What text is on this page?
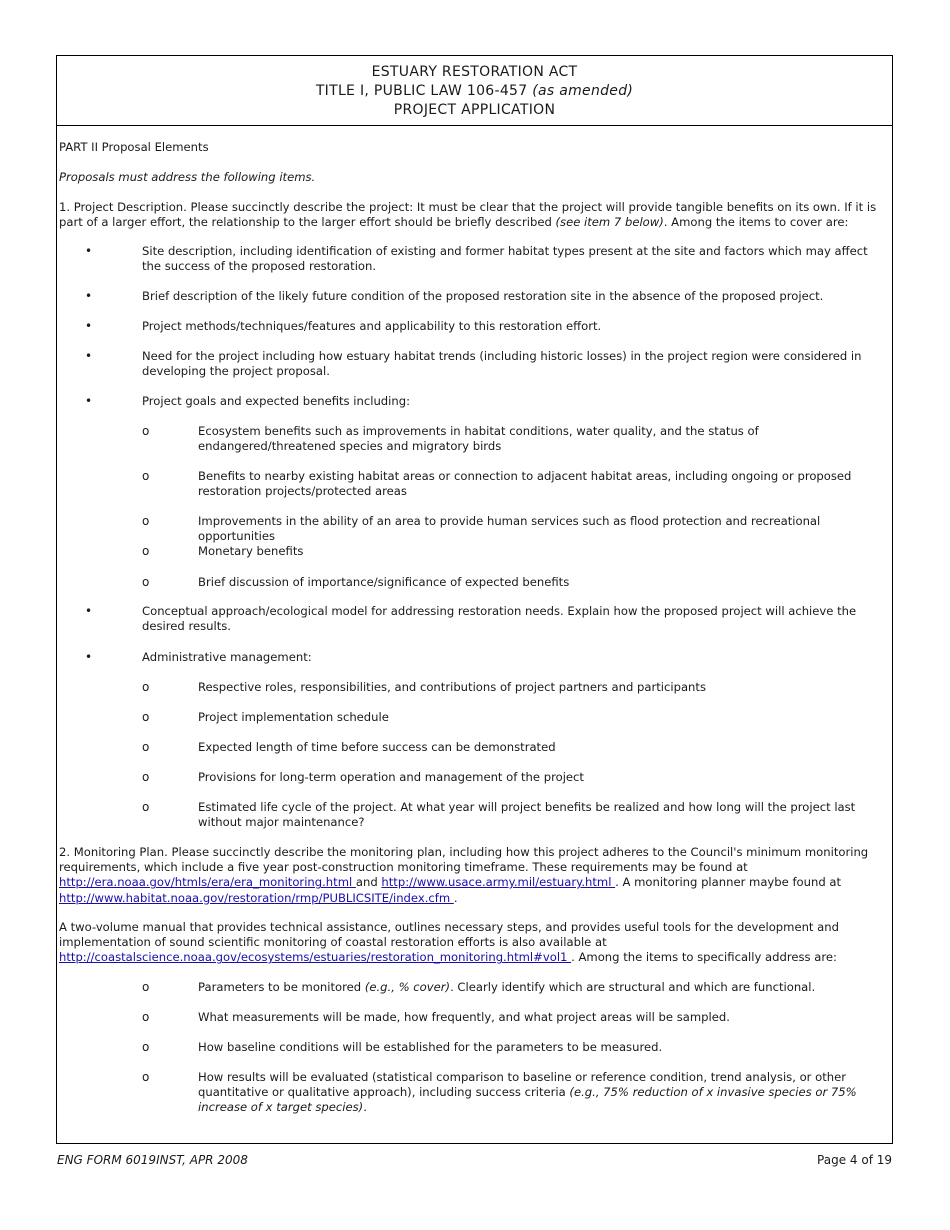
ESTUARY RESTORATION ACT
TITLE I, PUBLIC LAW 106-457 (as amended)
PROJECT APPLICATION
PART II Proposal Elements
Proposals must address the following items.
1. Project Description. Please succinctly describe the project: It must be clear that the project will provide tangible benefits on its own. If it is part of a larger effort, the relationship to the larger effort should be briefly described (see item 7 below). Among the items to cover are:
•	Site description, including identification of existing and former habitat types present at the site and factors which may affect the success of the proposed restoration.
•	Brief description of the likely future condition of the proposed restoration site in the absence of the proposed project.
•	Project methods/techniques/features and applicability to this restoration effort.
•	Need for the project including how estuary habitat trends (including historic losses) in the project region were considered in developing the project proposal.
•	Project goals and expected benefits including:
o	Ecosystem benefits such as improvements in habitat conditions, water quality, and the status of endangered/threatened species and migratory birds
o	Benefits to nearby existing habitat areas or connection to adjacent habitat areas, including ongoing or proposed restoration projects/protected areas
o	Improvements in the ability of an area to provide human services such as flood protection and recreational opportunities
o	Monetary benefits
o	Brief discussion of importance/significance of expected benefits
•	Conceptual approach/ecological model for addressing restoration needs. Explain how the proposed project will achieve the desired results.
•	Administrative management:
o	Respective roles, responsibilities, and contributions of project partners and participants
o	Project implementation schedule
o	Expected length of time before success can be demonstrated
o	Provisions for long-term operation and management of the project
o	Estimated life cycle of the project. At what year will project benefits be realized and how long will the project last without major maintenance?
2. Monitoring Plan. Please succinctly describe the monitoring plan, including how this project adheres to the Council's minimum monitoring requirements, which include a five year post-construction monitoring timeframe. These requirements may be found at http://era.noaa.gov/htmls/era/era_monitoring.html and http://www.usace.army.mil/estuary.html . A monitoring planner maybe found at http://www.habitat.noaa.gov/restoration/rmp/PUBLICSITE/index.cfm .
A two-volume manual that provides technical assistance, outlines necessary steps, and provides useful tools for the development and implementation of sound scientific monitoring of coastal restoration efforts is also available at http://coastalscience.noaa.gov/ecosystems/estuaries/restoration_monitoring.html#vol1 . Among the items to specifically address are:
o	Parameters to be monitored (e.g., % cover). Clearly identify which are structural and which are functional.
o	What measurements will be made, how frequently, and what project areas will be sampled.
o	How baseline conditions will be established for the parameters to be measured.
o	How results will be evaluated (statistical comparison to baseline or reference condition, trend analysis, or other quantitative or qualitative approach), including success criteria (e.g., 75% reduction of x invasive species or 75% increase of x target species).
ENG FORM 6019INST, APR 2008	Page 4 of 19
